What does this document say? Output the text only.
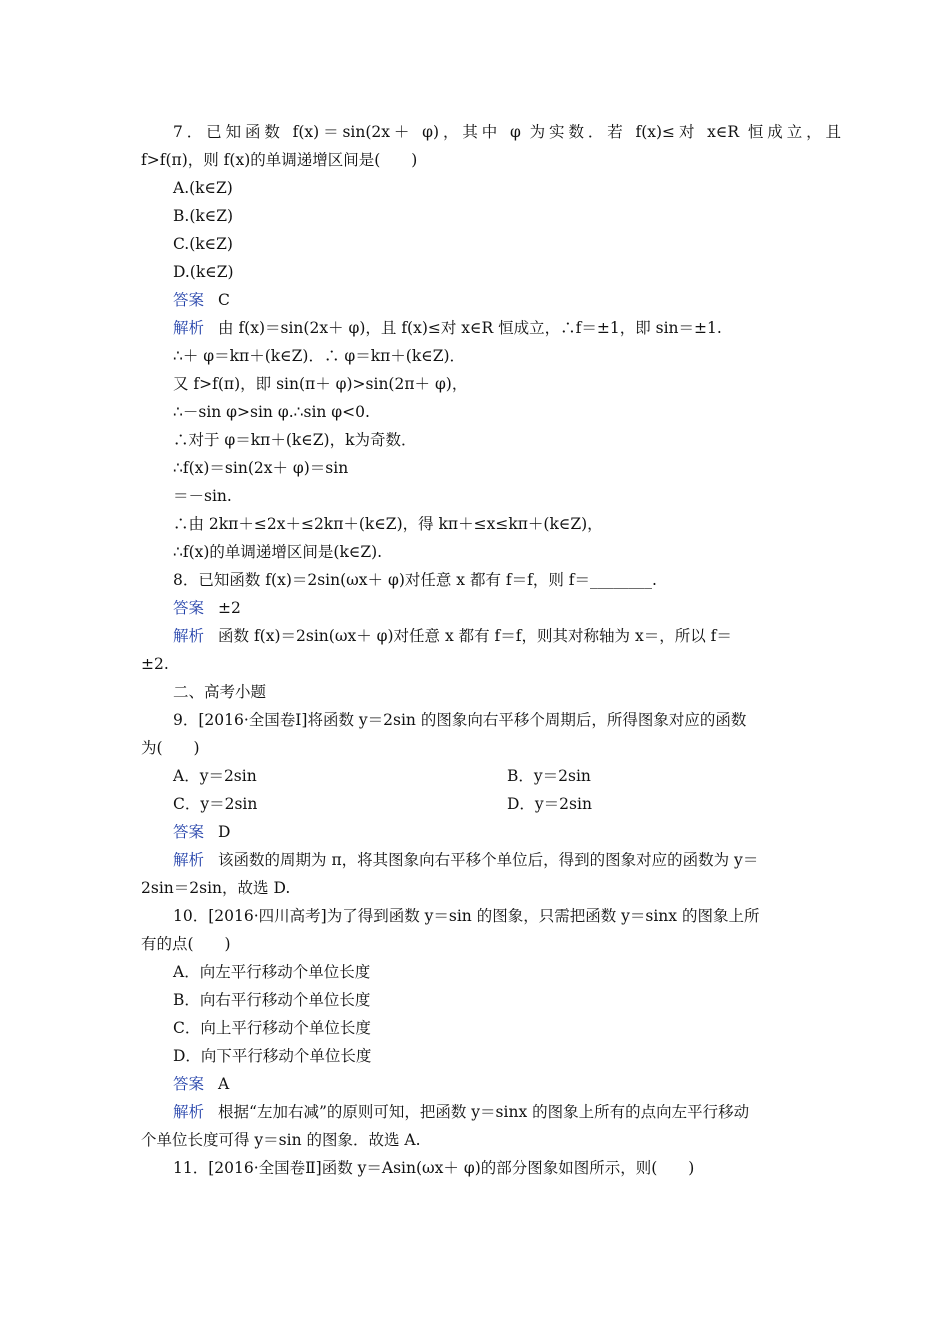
7．已知函数 f(x)＝sin(2x＋ φ)，其中 φ 为实数．若 f(x)≤对 x∈R 恒成立，且
f>f(π)，则 f(x)的单调递增区间是(　　)
A.(k∈Z)
B.(k∈Z)
C.(k∈Z)
D.(k∈Z)
答案 C
解析 由 f(x)＝sin(2x＋ φ)，且 f(x)≤对 x∈R 恒成立，∴f＝±1，即 sin＝±1.
∴＋ φ＝kπ＋(k∈Z)．∴ φ＝kπ＋(k∈Z)．
又 f>f(π)，即 sin(π＋ φ)>sin(2π＋ φ)，
∴－sin φ>sin φ.∴sin φ<0.
∴对于 φ＝kπ＋(k∈Z)，k为奇数．
∴f(x)＝sin(2x＋ φ)＝sin
＝－sin.
∴由 2kπ＋≤2x＋≤2kπ＋(k∈Z)，得 kπ＋≤x≤kπ＋(k∈Z)，
∴f(x)的单调递增区间是(k∈Z).
8．已知函数 f(x)＝2sin(ωx＋ φ)对任意 x 都有 f＝f，则 f＝________.
答案 ±2
解析 函数 f(x)＝2sin(ωx＋ φ)对任意 x 都有 f＝f，则其对称轴为 x＝，所以 f＝
±2.
二、高考小题
9．[2016·全国卷Ⅰ]将函数 y＝2sin 的图象向右平移个周期后，所得图象对应的函数
为(　　)
A．y＝2sin	B．y＝2sin
C．y＝2sin	D．y＝2sin
答案 D
解析 该函数的周期为 π，将其图象向右平移个单位后，得到的图象对应的函数为 y＝
2sin＝2sin，故选 D.
10．[2016·四川高考]为了得到函数 y＝sin 的图象，只需把函数 y＝sinx 的图象上所
有的点(　　)
A．向左平行移动个单位长度
B．向右平行移动个单位长度
C．向上平行移动个单位长度
D．向下平行移动个单位长度
答案 A
解析 根据“左加右减”的原则可知，把函数 y＝sinx 的图象上所有的点向左平行移动
个单位长度可得 y＝sin 的图象．故选 A.
11．[2016·全国卷Ⅱ]函数 y＝Asin(ωx＋ φ)的部分图象如图所示，则(　　)
